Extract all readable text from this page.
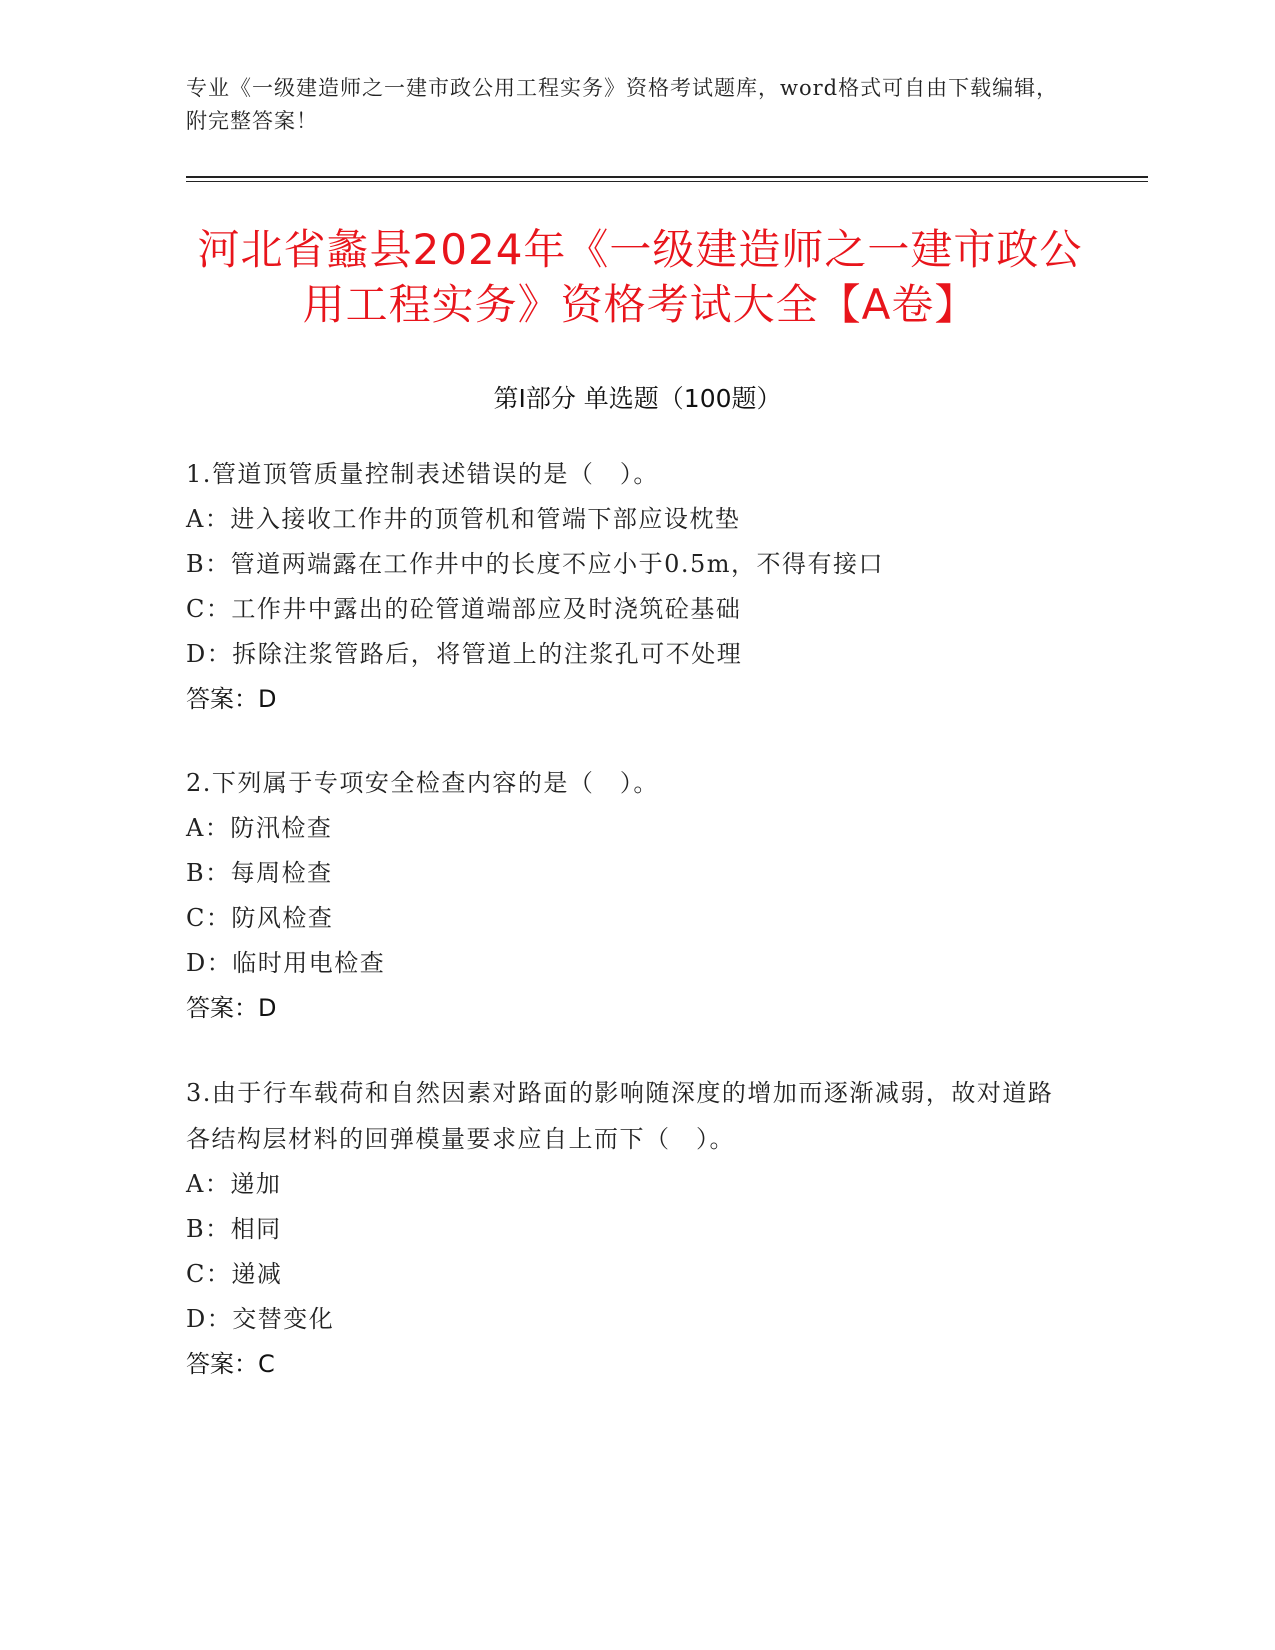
专业《一级建造师之一建市政公用工程实务》资格考试题库，word格式可自由下载编辑，附完整答案！
河北省蠡县2024年《一级建造师之一建市政公用工程实务》资格考试大全【A卷】
第Ⅰ部分 单选题（100题）
1.管道顶管质量控制表述错误的是（　）。
A：进入接收工作井的顶管机和管端下部应设枕垫
B：管道两端露在工作井中的长度不应小于0.5m，不得有接口
C：工作井中露出的砼管道端部应及时浇筑砼基础
D：拆除注浆管路后，将管道上的注浆孔可不处理
答案：D
2.下列属于专项安全检查内容的是（　）。
A：防汛检查
B：每周检查
C：防风检查
D：临时用电检查
答案：D
3.由于行车载荷和自然因素对路面的影响随深度的增加而逐渐减弱，故对道路各结构层材料的回弹模量要求应自上而下（　）。
A：递加
B：相同
C：递减
D：交替变化
答案：C
